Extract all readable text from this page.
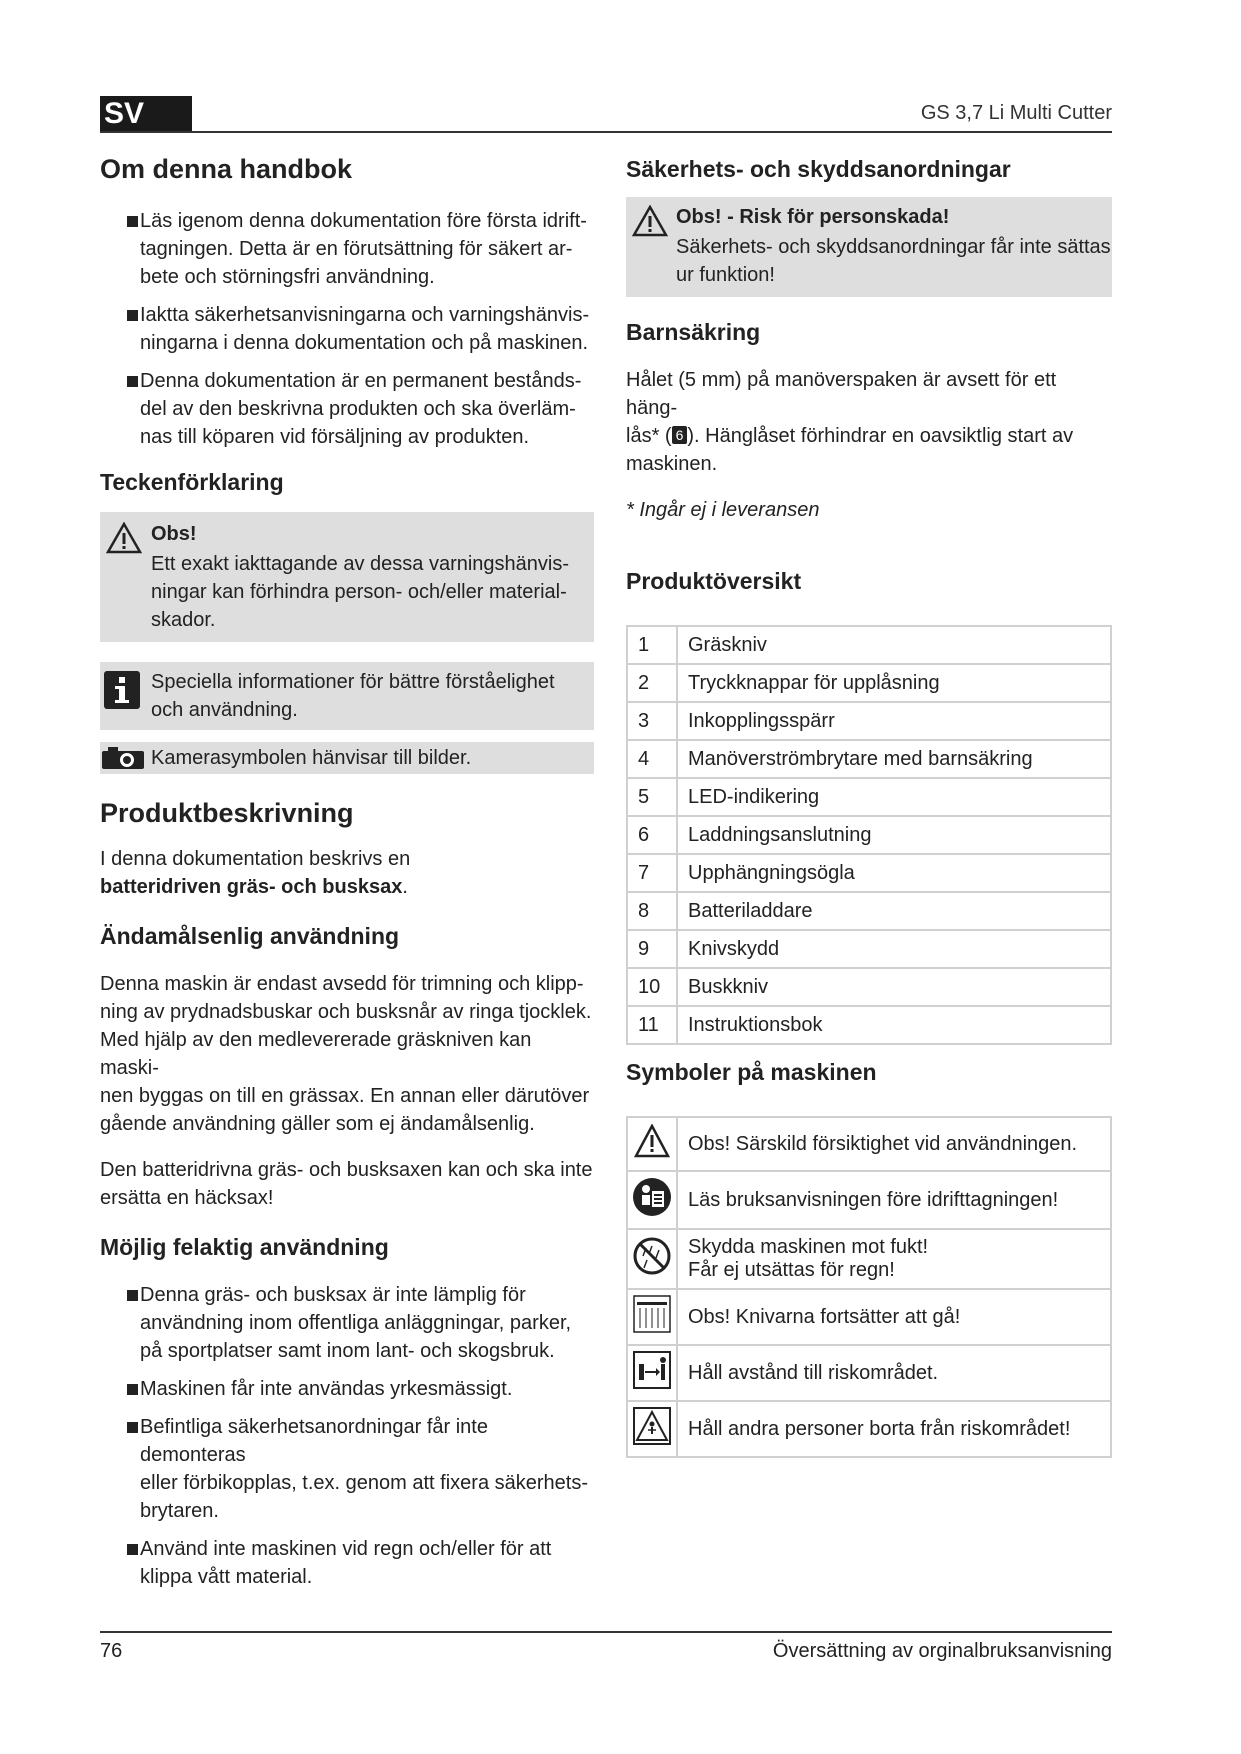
SV	GS 3,7 Li Multi Cutter
Om denna handbok
Läs igenom denna dokumentation före första idrift-
tagningen. Detta är en förutsättning för säkert ar-
bete och störningsfri användning.
Iaktta säkerhetsanvisningarna och varningshänvis-
ningarna i denna dokumentation och på maskinen.
Denna dokumentation är en permanent bestånds-
del av den beskrivna produkten och ska överläm-
nas till köparen vid försäljning av produkten.
Teckenförklaring
Obs!
Ett exakt iakttagande av dessa varningshänvis-
ningar kan förhindra person- och/eller material-
skador.
Speciella informationer för bättre förståelighet
och användning.
Kamerasymbolen hänvisar till bilder.
Produktbeskrivning
I denna dokumentation beskrivs en
batteridriven gräs- och busksax.
Ändamålsenlig användning
Denna maskin är endast avsedd för trimning och klipp-
ning av prydnadsbuskar och busksnår av ringa tjocklek.
Med hjälp av den medlevererade gräskniven kan maski-
nen byggas on till en grässax. En annan eller därutöver
gående användning gäller som ej ändamålsenlig.
Den batteridrivna gräs- och busksaxen kan och ska inte
ersätta en häcksax!
Möjlig felaktig användning
Denna gräs- och busksax är inte lämplig för
användning inom offentliga anläggningar, parker,
på sportplatser samt inom lant- och skogsbruk.
Maskinen får inte användas yrkesmässigt.
Befintliga säkerhetsanordningar får inte demonteras
eller förbikopplas, t.ex. genom att fixera säkerhets-
brytaren.
Använd inte maskinen vid regn och/eller för att
klippa vått material.
Säkerhets- och skyddsanordningar
Obs! - Risk för personskada!
Säkerhets- och skyddsanordningar får inte sättas
ur funktion!
Barnsäkring
Hålet (5 mm) på manöverspaken är avsett för ett häng-
lås* ( 6 ). Hänglåset förhindrar en oavsiktlig start av
maskinen.
* Ingår ej i leveransen
Produktöversikt
1	Gräskniv
2	Tryckknappar för upplåsning
3	Inkopplingsspärr
4	Manöverströmbrytare med barnsäkring
5	LED-indikering
6	Laddningsanslutning
7	Upphängningsögla
8	Batteriladdare
9	Knivskydd
10	Buskkniv
11	Instruktionsbok
Symboler på maskinen

Obs! Särskild försiktighet vid användningen.

Läs bruksanvisningen före idrifttagningen!

Skydda maskinen mot fukt!
Får ej utsättas för regn!

Obs! Knivarna fortsätter att gå!

Håll avstånd till riskområdet.

Håll andra personer borta från riskområdet!
76	Översättning av orginalbruksanvisning
